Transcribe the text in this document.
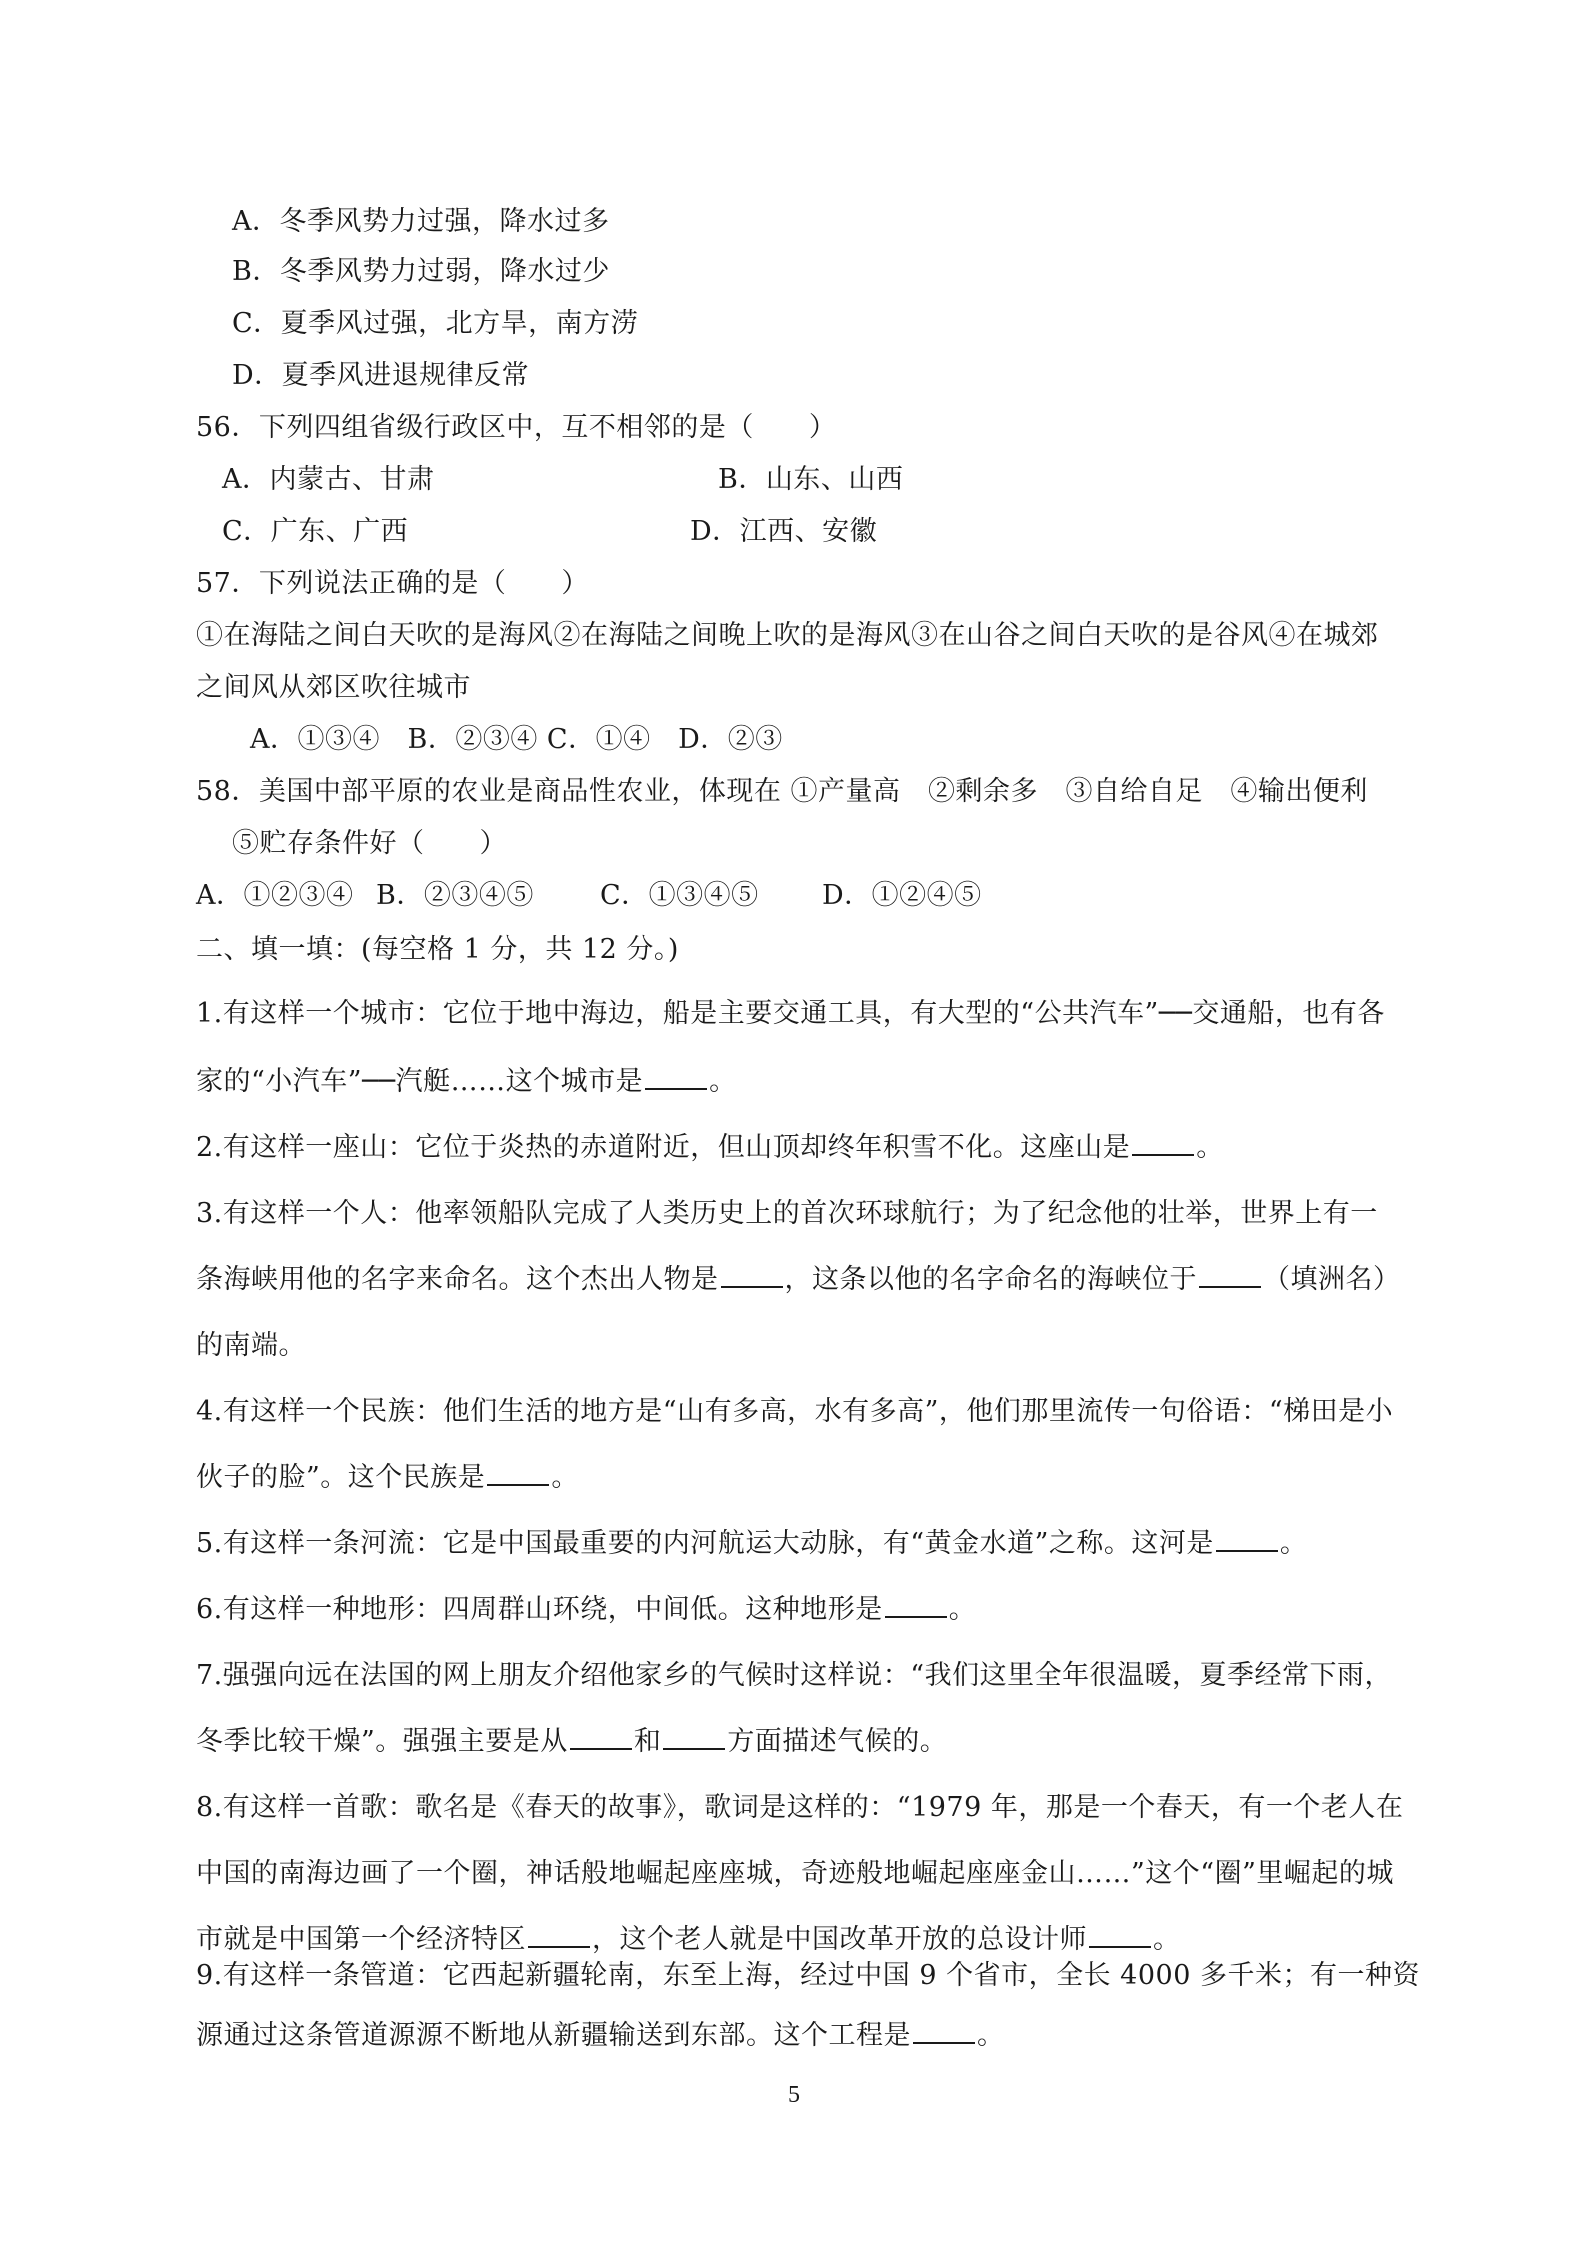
A．冬季风势力过强，降水过多
B．冬季风势力过弱，降水过少
C．夏季风过强，北方旱，南方涝
D．夏季风进退规律反常
56．下列四组省级行政区中，互不相邻的是（　　）
A．内蒙古、甘肃	B．山东、山西
C．广东、广西	D．江西、安徽
57．下列说法正确的是（　　）
①在海陆之间白天吹的是海风②在海陆之间晚上吹的是海风③在山谷之间白天吹的是谷风④在城郊
之间风从郊区吹往城市
A．①③④　B．②③④ C．①④　D．②③
58．美国中部平原的农业是商品性农业，体现在 ①产量高　②剩余多　③自给自足　④输出便利
⑤贮存条件好（　　）
A．①②③④ B．②③④⑤ C．①③④⑤ D．①②④⑤
二、填一填：(每空格 1 分，共 12 分。)
1.有这样一个城市：它位于地中海边，船是主要交通工具，有大型的“公共汽车”──交通船，也有各
家的“小汽车”──汽艇……这个城市是 。
2.有这样一座山：它位于炎热的赤道附近，但山顶却终年积雪不化。这座山是 。
3.有这样一个人：他率领船队完成了人类历史上的首次环球航行；为了纪念他的壮举，世界上有一
条海峡用他的名字来命名。这个杰出人物是 ，这条以他的名字命名的海峡位于 （填洲名）
的南端。
4.有这样一个民族：他们生活的地方是“山有多高，水有多高”，他们那里流传一句俗语：“梯田是小
伙子的脸”。这个民族是 。
5.有这样一条河流：它是中国最重要的内河航运大动脉，有“黄金水道”之称。这河是 。
6.有这样一种地形：四周群山环绕，中间低。这种地形是 。
7.强强向远在法国的网上朋友介绍他家乡的气候时这样说：“我们这里全年很温暖，夏季经常下雨，
冬季比较干燥”。强强主要是从 和 方面描述气候的。
8.有这样一首歌：歌名是《春天的故事》，歌词是这样的：“1979 年，那是一个春天，有一个老人在
中国的南海边画了一个圈，神话般地崛起座座城，奇迹般地崛起座座金山……”这个“圈”里崛起的城
市就是中国第一个经济特区 ，这个老人就是中国改革开放的总设计师 。
9.有这样一条管道：它西起新疆轮南，东至上海，经过中国 9 个省市，全长 4000 多千米；有一种资
5
源通过这条管道源源不断地从新疆输送到东部。这个工程是 。
